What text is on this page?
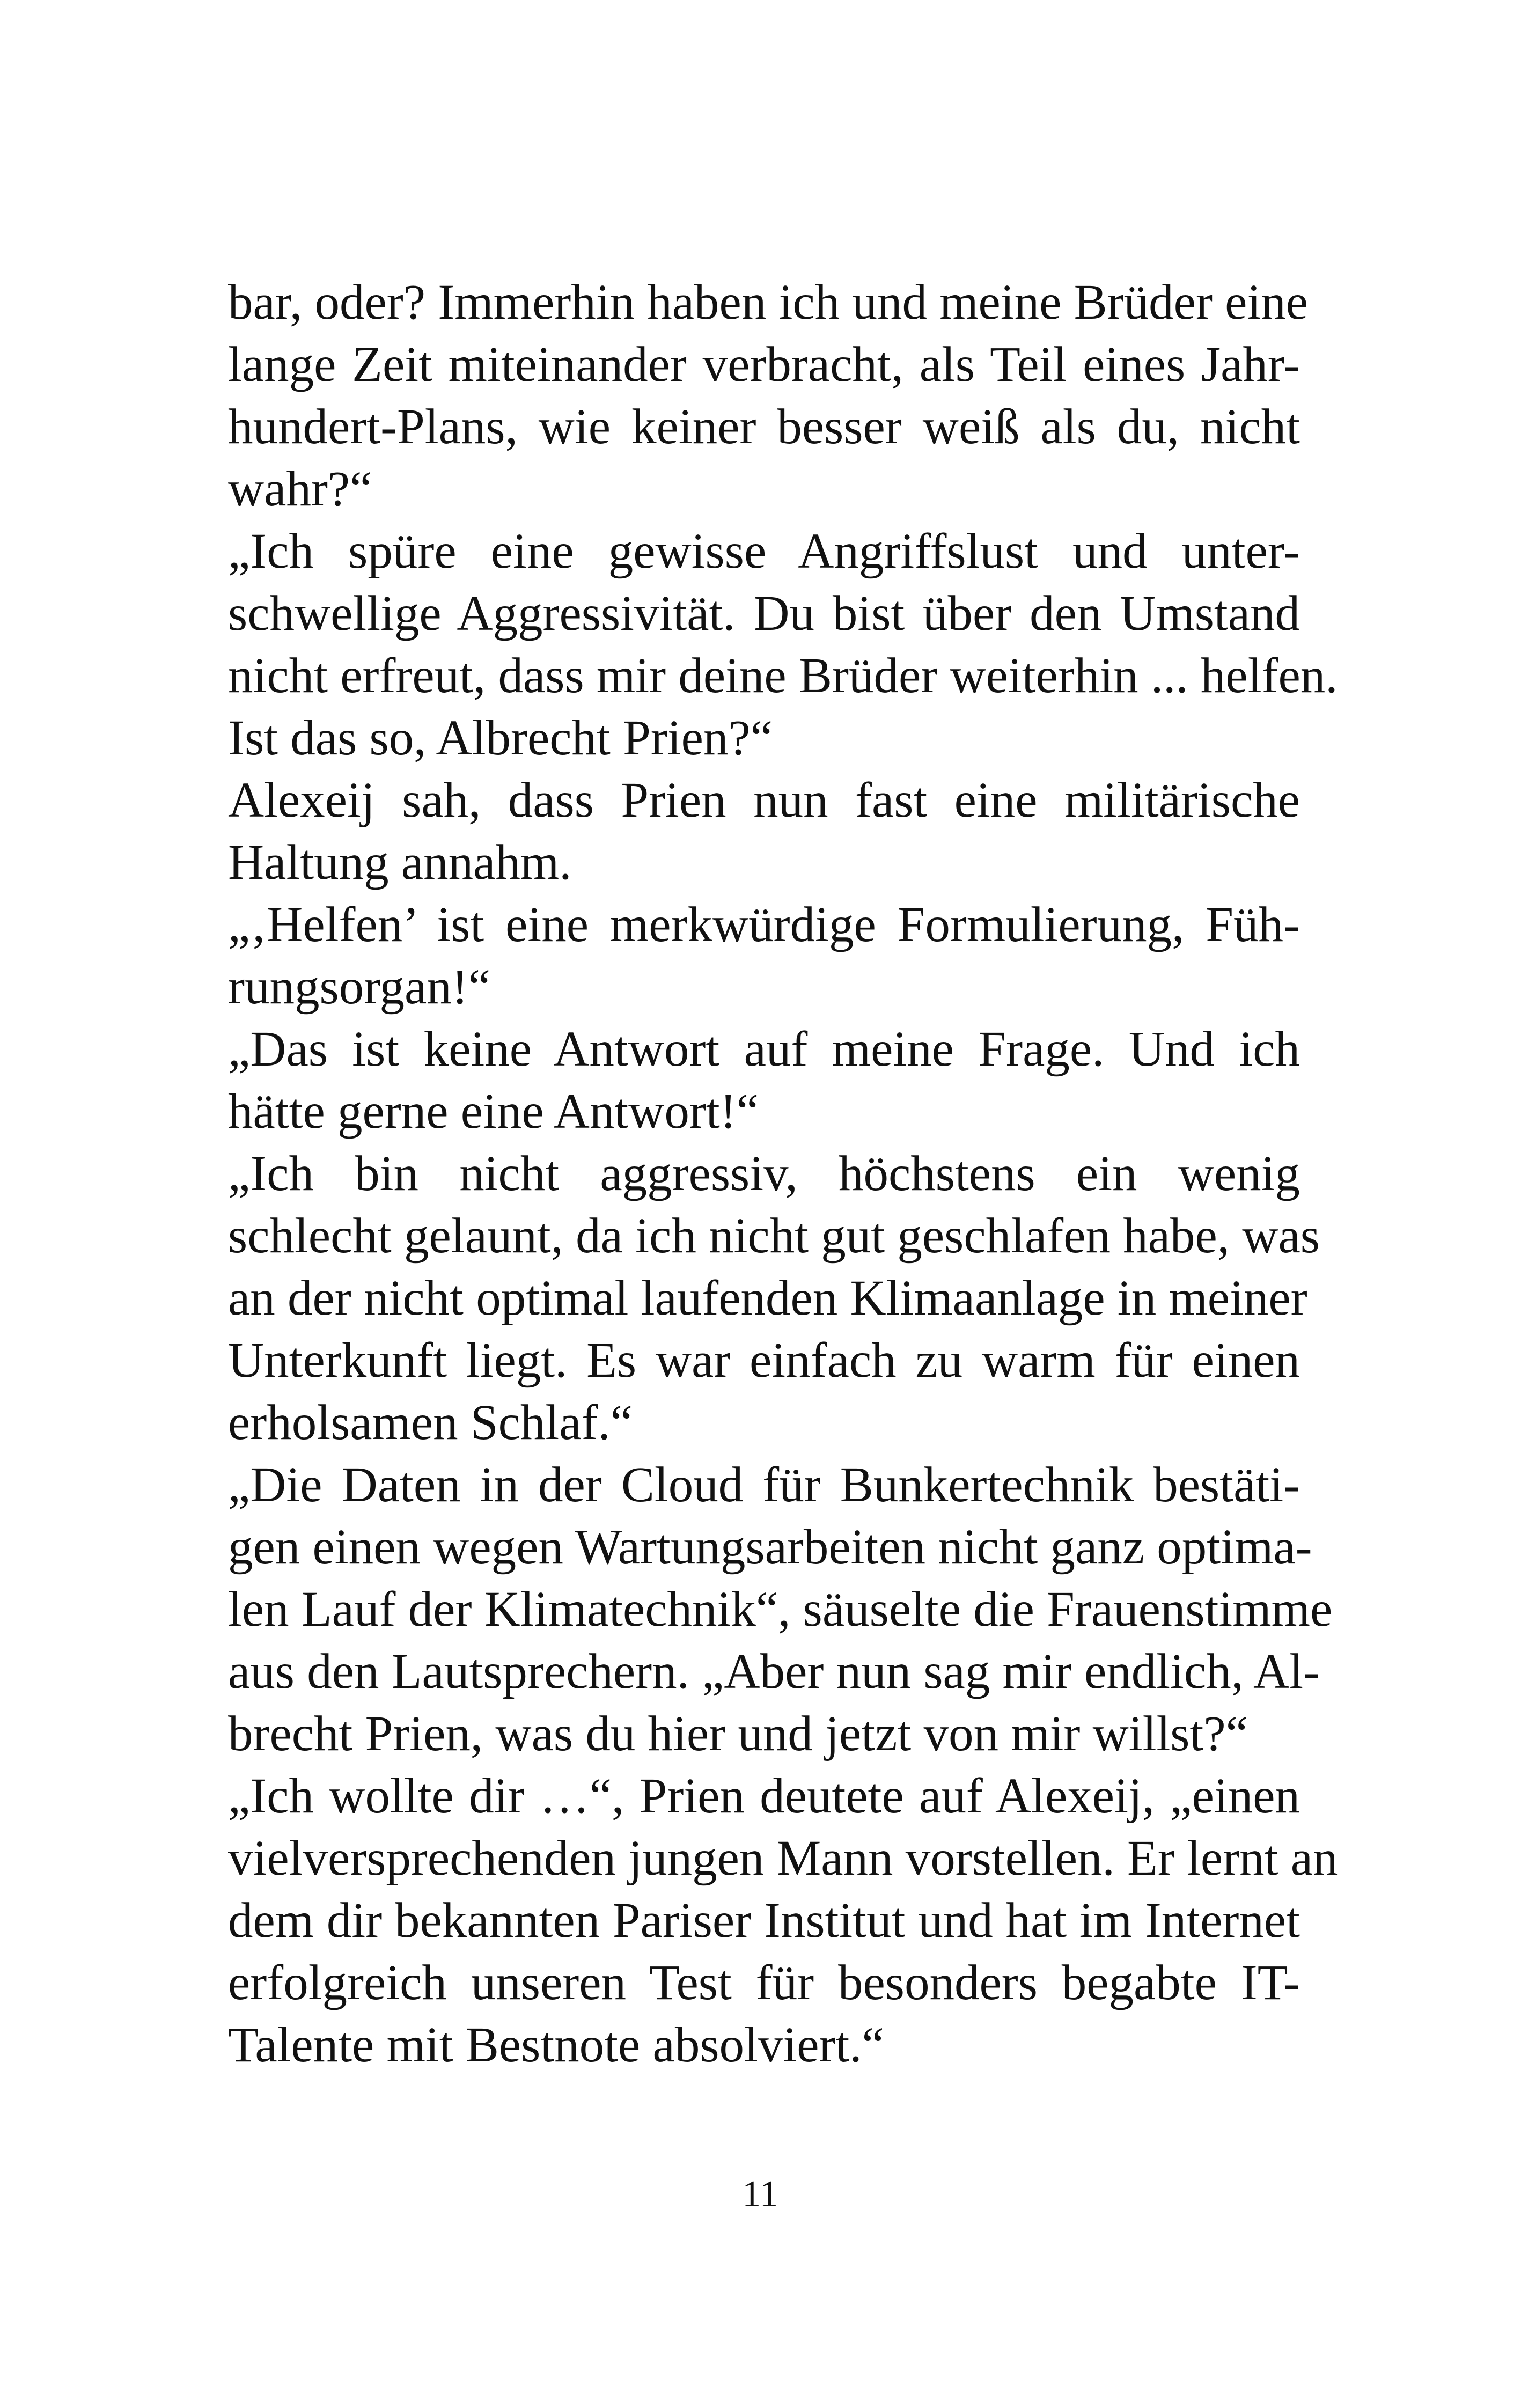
bar, oder? Immerhin haben ich und meine Brüder eine
lange Zeit miteinander verbracht, als Teil eines Jahr-
hundert-Plans, wie keiner besser weiß als du, nicht
wahr?“
„Ich spüre eine gewisse Angriffslust und unter-
schwellige Aggressivität. Du bist über den Umstand
nicht erfreut, dass mir deine Brüder weiterhin ... helfen.
Ist das so, Albrecht Prien?“
Alexeij sah, dass Prien nun fast eine militärische
Haltung annahm.
„‚Helfen’ ist eine merkwürdige Formulierung, Füh-
rungsorgan!“
„Das ist keine Antwort auf meine Frage. Und ich
hätte gerne eine Antwort!“
„Ich bin nicht aggressiv, höchstens ein wenig
schlecht gelaunt, da ich nicht gut geschlafen habe, was
an der nicht optimal laufenden Klimaanlage in meiner
Unterkunft liegt. Es war einfach zu warm für einen
erholsamen Schlaf.“
„Die Daten in der Cloud für Bunkertechnik bestäti-
gen einen wegen Wartungsarbeiten nicht ganz optima-
len Lauf der Klimatechnik“, säuselte die Frauenstimme
aus den Lautsprechern. „Aber nun sag mir endlich, Al-
brecht Prien, was du hier und jetzt von mir willst?“
„Ich wollte dir …“, Prien deutete auf Alexeij, „einen
vielversprechenden jungen Mann vorstellen. Er lernt an
dem dir bekannten Pariser Institut und hat im Internet
erfolgreich unseren Test für besonders begabte IT-
Talente mit Bestnote absolviert.“
11
